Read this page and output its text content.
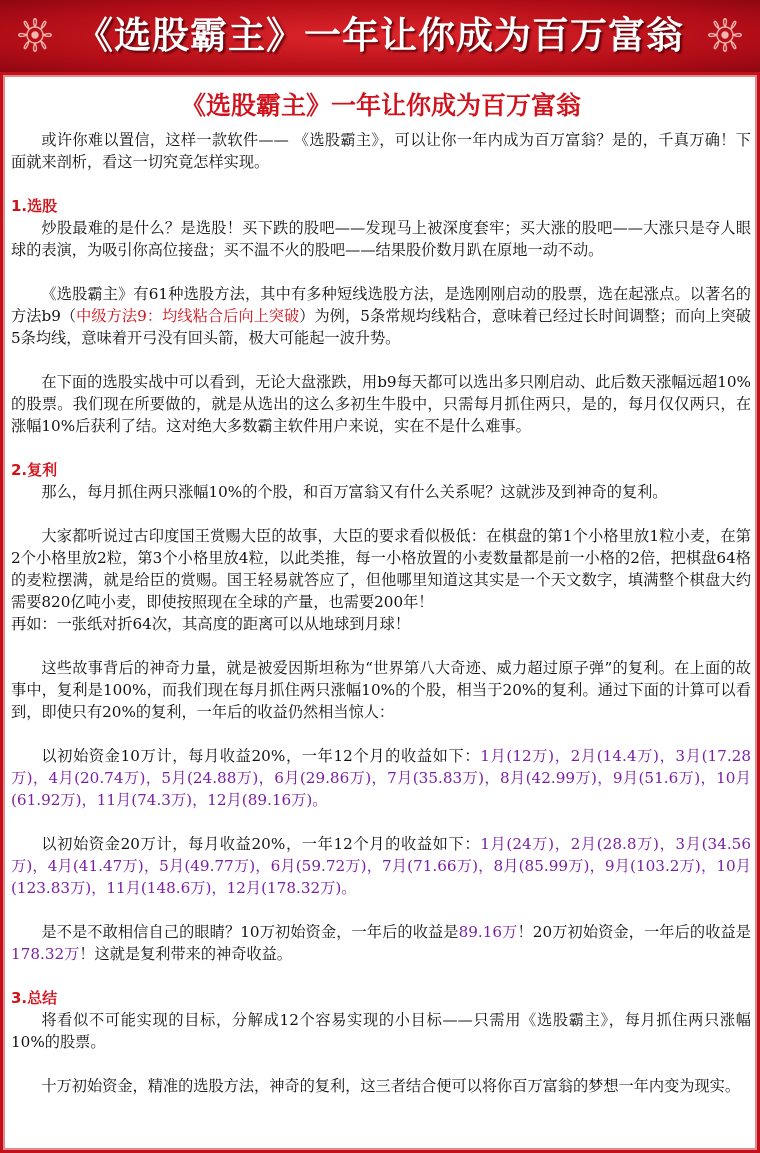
《选股霸主》一年让你成为百万富翁
《选股霸主》一年让你成为百万富翁

或许你难以置信，这样一款软件—— 《选股霸主》，可以让你一年内成为百万富翁？是的，千真万确！下面就来剖析，看这一切究竟怎样实现。

1.选股

炒股最难的是什么？是选股！买下跌的股吧——发现马上被深度套牢；买大涨的股吧——大涨只是夺人眼球的表演，为吸引你高位接盘；买不温不火的股吧——结果股价数月趴在原地一动不动。

《选股霸主》有61种选股方法，其中有多种短线选股方法，是选刚刚启动的股票，选在起涨点。以著名的方法b9（中级方法9：均线粘合后向上突破）为例，5条常规均线粘合，意味着已经过长时间调整；而向上突破5条均线，意味着开弓没有回头箭，极大可能起一波升势。

在下面的选股实战中可以看到，无论大盘涨跌，用b9每天都可以选出多只刚启动、此后数天涨幅远超10%的股票。我们现在所要做的，就是从选出的这么多初生牛股中，只需每月抓住两只，是的，每月仅仅两只，在涨幅10%后获利了结。这对绝大多数霸主软件用户来说，实在不是什么难事。

2.复利

那么，每月抓住两只涨幅10%的个股，和百万富翁又有什么关系呢？这就涉及到神奇的复利。

大家都听说过古印度国王赏赐大臣的故事，大臣的要求看似极低：在棋盘的第1个小格里放1粒小麦，在第2个小格里放2粒，第3个小格里放4粒，以此类推，每一小格放置的小麦数量都是前一小格的2倍，把棋盘64格的麦粒摆满，就是给臣的赏赐。国王轻易就答应了，但他哪里知道这其实是一个天文数字，填满整个棋盘大约需要820亿吨小麦，即使按照现在全球的产量，也需要200年！

再如：一张纸对折64次，其高度的距离可以从地球到月球！

这些故事背后的神奇力量，就是被爱因斯坦称为“世界第八大奇迹、威力超过原子弹”的复利。在上面的故事中，复利是100%，而我们现在每月抓住两只涨幅10%的个股，相当于20%的复利。通过下面的计算可以看到，即使只有20%的复利，一年后的收益仍然相当惊人：

以初始资金10万计，每月收益20%，一年12个月的收益如下：1月(12万)，2月(14.4万)，3月(17.28万)，4月(20.74万)，5月(24.88万)，6月(29.86万)，7月(35.83万)，8月(42.99万)，9月(51.6万)，10月(61.92万)，11月(74.3万)，12月(89.16万)。

以初始资金20万计，每月收益20%，一年12个月的收益如下：1月(24万)，2月(28.8万)，3月(34.56万)，4月(41.47万)，5月(49.77万)，6月(59.72万)，7月(71.66万)，8月(85.99万)，9月(103.2万)，10月(123.83万)，11月(148.6万)，12月(178.32万)。

是不是不敢相信自己的眼睛？10万初始资金，一年后的收益是89.16万！20万初始资金，一年后的收益是178.32万！这就是复利带来的神奇收益。

3.总结

将看似不可能实现的目标，分解成12个容易实现的小目标——只需用《选股霸主》，每月抓住两只涨幅10%的股票。

十万初始资金，精准的选股方法，神奇的复利，这三者结合便可以将你百万富翁的梦想一年内变为现实。
